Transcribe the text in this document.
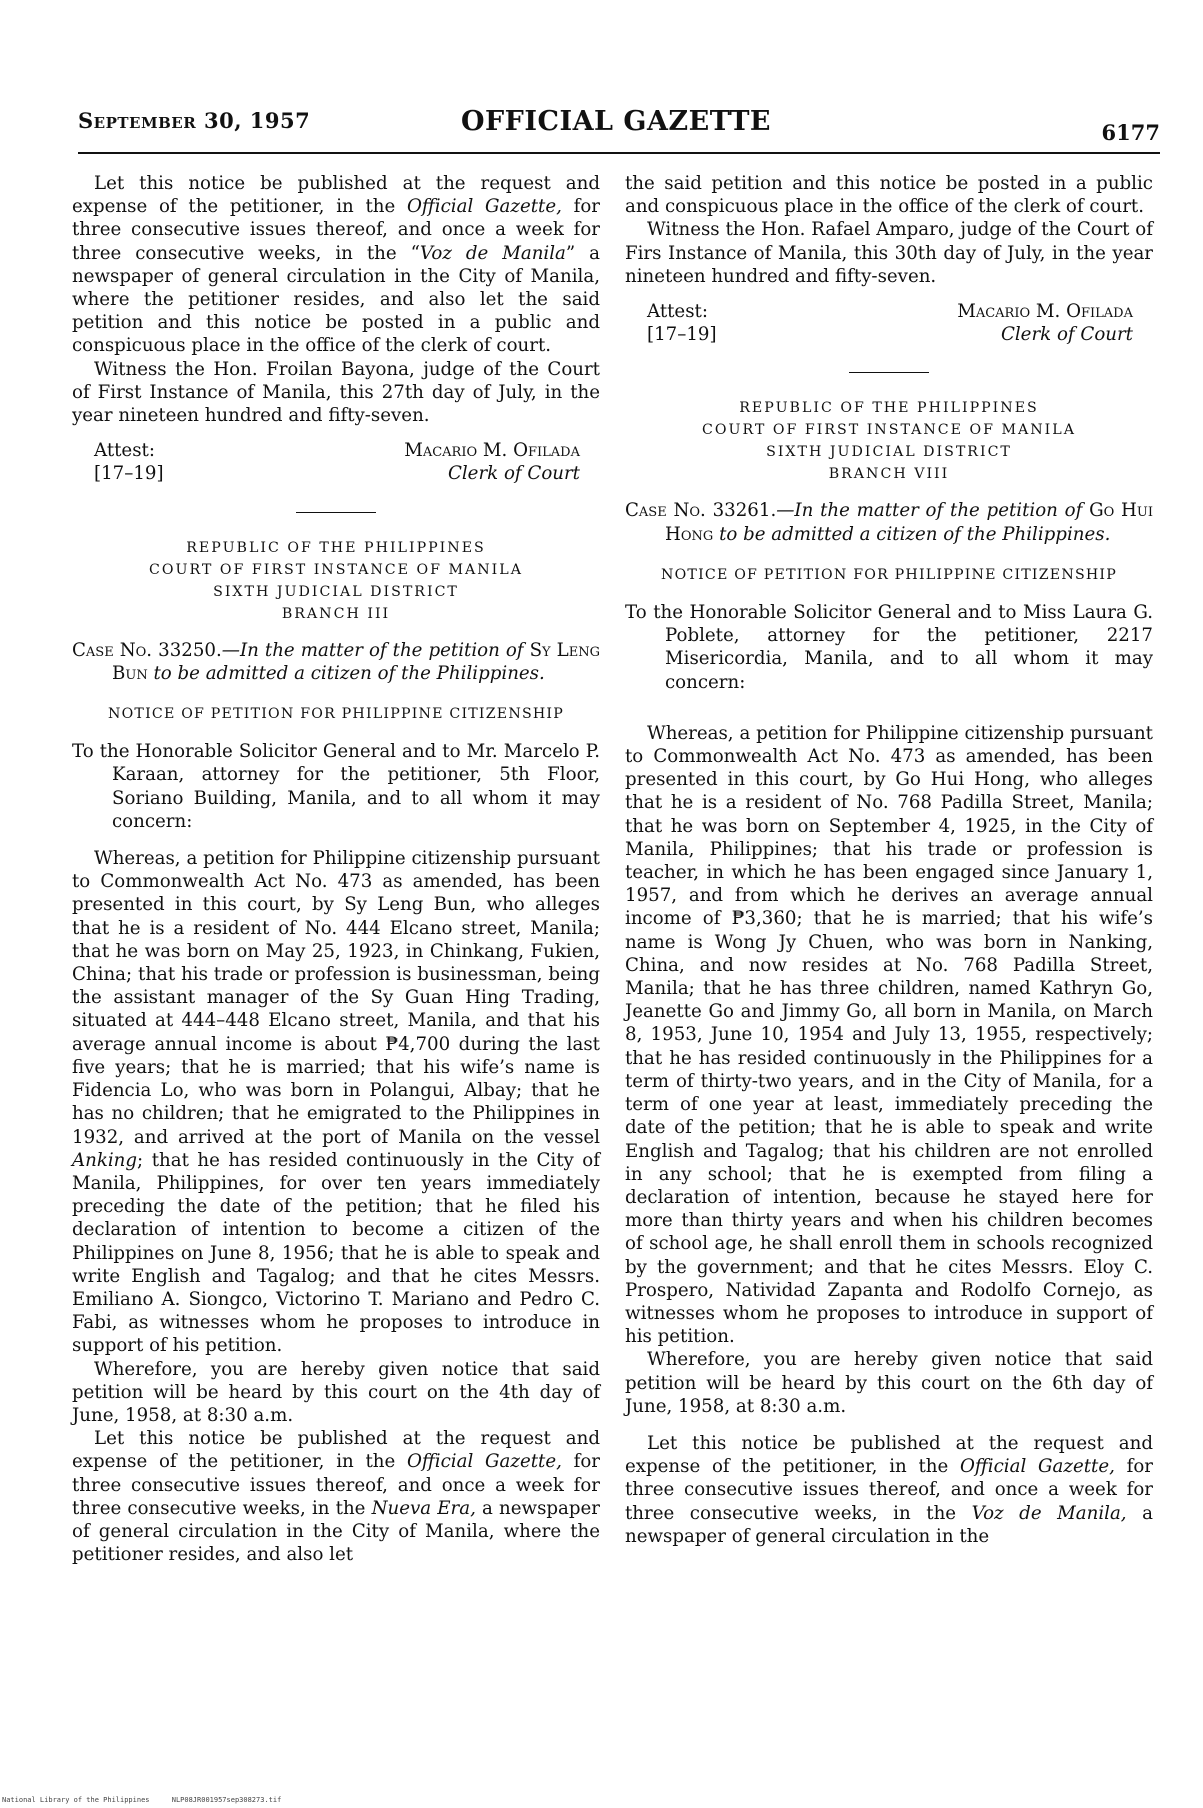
September 30, 1957	OFFICIAL GAZETTE	6177

Let this notice be published at the request and expense of the petitioner, in the Official Gazette, for three consecutive issues thereof, and once a week for three consecutive weeks, in the “Voz de Manila” a newspaper of general circulation in the City of Manila, where the petitioner resides, and also let the said petition and this notice be posted in a public and conspicuous place in the office of the clerk of court.

Witness the Hon. Froilan Bayona, judge of the Court of First Instance of Manila, this 27th day of July, in the year nineteen hundred and fifty-seven.

Attest:
[17–19]
Macario M. Ofilada
Clerk of Court
REPUBLIC OF THE PHILIPPINES
COURT OF FIRST INSTANCE OF MANILA
SIXTH JUDICIAL DISTRICT
BRANCH III
Case No. 33250.—In the matter of the petition of Sy Leng Bun to be admitted a citizen of the Philippines.
NOTICE OF PETITION FOR PHILIPPINE CITIZENSHIP
To the Honorable Solicitor General and to Mr. Marcelo P. Karaan, attorney for the petitioner, 5th Floor, Soriano Building, Manila, and to all whom it may concern:

Whereas, a petition for Philippine citizenship pursuant to Commonwealth Act No. 473 as amended, has been presented in this court, by Sy Leng Bun, who alleges that he is a resident of No. 444 Elcano street, Manila; that he was born on May 25, 1923, in Chinkang, Fukien, China; that his trade or profession is businessman, being the assistant manager of the Sy Guan Hing Trading, situated at 444–448 Elcano street, Manila, and that his average annual income is about ₱4,700 during the last five years; that he is married; that his wife’s name is Fidencia Lo, who was born in Polangui, Albay; that he has no children; that he emigrated to the Philippines in 1932, and arrived at the port of Manila on the vessel Anking; that he has resided continuously in the City of Manila, Philippines, for over ten years immediately preceding the date of the petition; that he filed his declaration of intention to become a citizen of the Philippines on June 8, 1956; that he is able to speak and write English and Tagalog; and that he cites Messrs. Emiliano A. Siongco, Victorino T. Mariano and Pedro C. Fabi, as witnesses whom he proposes to introduce in support of his petition.

Wherefore, you are hereby given notice that said petition will be heard by this court on the 4th day of June, 1958, at 8:30 a.m.

Let this notice be published at the request and expense of the petitioner, in the Official Gazette, for three consecutive issues thereof, and once a week for three consecutive weeks, in the Nueva Era, a newspaper of general circulation in the City of Manila, where the petitioner resides, and also let

the said petition and this notice be posted in a public and conspicuous place in the office of the clerk of court.

Witness the Hon. Rafael Amparo, judge of the Court of Firs Instance of Manila, this 30th day of July, in the year nineteen hundred and fifty-seven.

Attest:
[17–19]
Macario M. Ofilada
Clerk of Court
REPUBLIC OF THE PHILIPPINES
COURT OF FIRST INSTANCE OF MANILA
SIXTH JUDICIAL DISTRICT
BRANCH VIII
Case No. 33261.—In the matter of the petition of Go Hui Hong to be admitted a citizen of the Philippines.
NOTICE OF PETITION FOR PHILIPPINE CITIZENSHIP
To the Honorable Solicitor General and to Miss Laura G. Poblete, attorney for the petitioner, 2217 Misericordia, Manila, and to all whom it may concern:

Whereas, a petition for Philippine citizenship pursuant to Commonwealth Act No. 473 as amended, has been presented in this court, by Go Hui Hong, who alleges that he is a resident of No. 768 Padilla Street, Manila; that he was born on September 4, 1925, in the City of Manila, Philippines; that his trade or profession is teacher, in which he has been engaged since January 1, 1957, and from which he derives an average annual income of ₱3,360; that he is married; that his wife’s name is Wong Jy Chuen, who was born in Nanking, China, and now resides at No. 768 Padilla Street, Manila; that he has three children, named Kathryn Go, Jeanette Go and Jimmy Go, all born in Manila, on March 8, 1953, June 10, 1954 and July 13, 1955, respectively; that he has resided continuously in the Philippines for a term of thirty-two years, and in the City of Manila, for a term of one year at least, immediately preceding the date of the petition; that he is able to speak and write English and Tagalog; that his children are not enrolled in any school; that he is exempted from filing a declaration of intention, because he stayed here for more than thirty years and when his children becomes of school age, he shall enroll them in schools recognized by the government; and that he cites Messrs. Eloy C. Prospero, Natividad Zapanta and Rodolfo Cornejo, as witnesses whom he proposes to introduce in support of his petition.

Wherefore, you are hereby given notice that said petition will be heard by this court on the 6th day of June, 1958, at 8:30 a.m.

Let this notice be published at the request and expense of the petitioner, in the Official Gazette, for three consecutive issues thereof, and once a week for three consecutive weeks, in the Voz de Manila, a newspaper of general circulation in the

National Library of the Philippines	NLP08JR001957sep308273.tif
